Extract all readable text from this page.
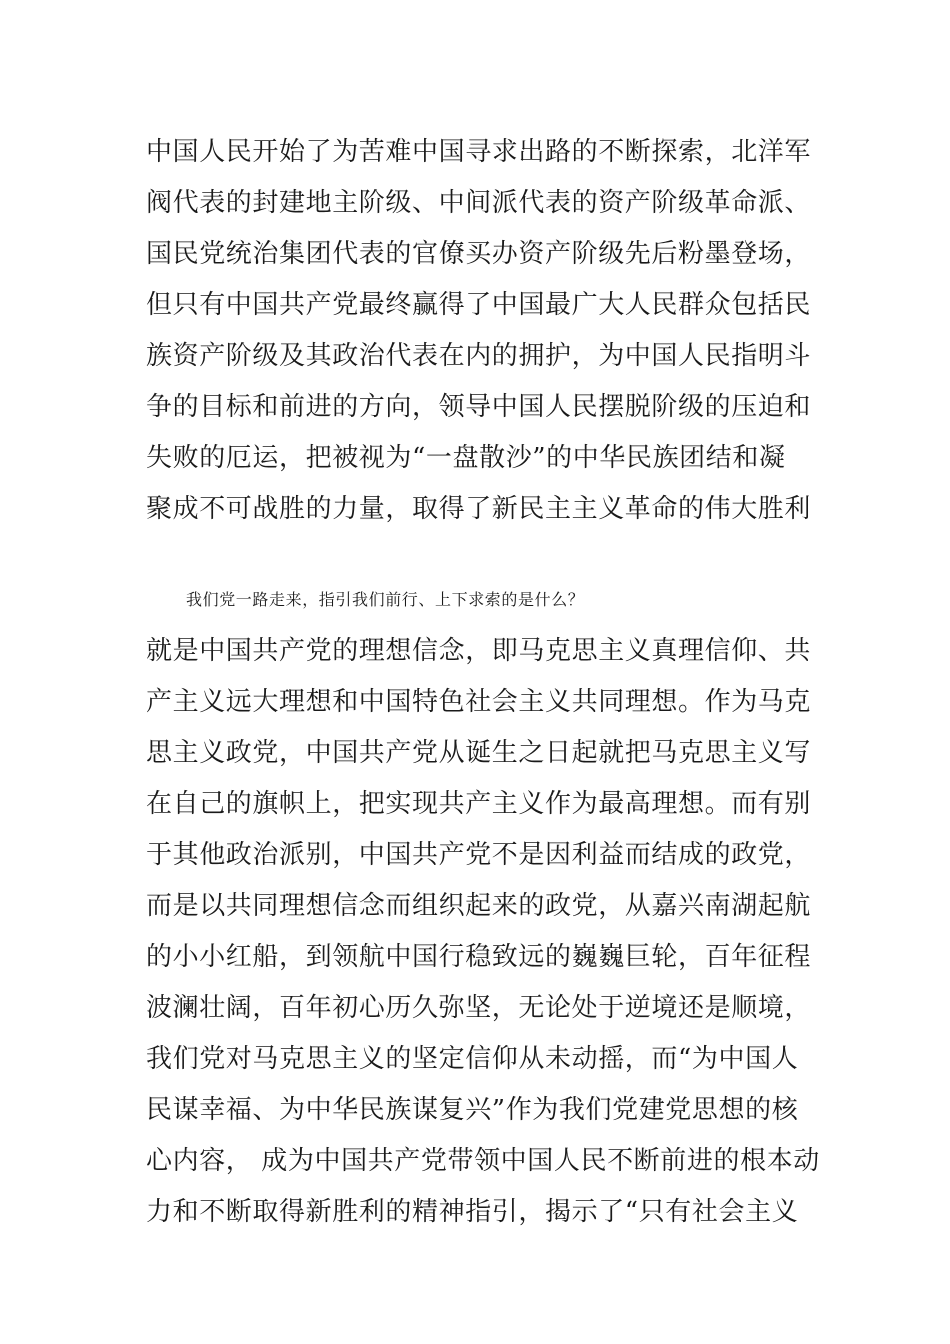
中国人民开始了为苦难中国寻求出路的不断探索，北洋军
阀代表的封建地主阶级、中间派代表的资产阶级革命派、
国民党统治集团代表的官僚买办资产阶级先后粉墨登场，
但只有中国共产党最终赢得了中国最广大人民群众包括民
族资产阶级及其政治代表在内的拥护，为中国人民指明斗
争的目标和前进的方向，领导中国人民摆脱阶级的压迫和
失败的厄运，把被视为“一盘散沙”的中华民族团结和凝
聚成不可战胜的力量，取得了新民主主义革命的伟大胜利
我们党一路走来，指引我们前行、上下求索的是什么？
就是中国共产党的理想信念，即马克思主义真理信仰、共
产主义远大理想和中国特色社会主义共同理想。作为马克
思主义政党，中国共产党从诞生之日起就把马克思主义写
在自己的旗帜上，把实现共产主义作为最高理想。而有别
于其他政治派别，中国共产党不是因利益而结成的政党，
而是以共同理想信念而组织起来的政党，从嘉兴南湖起航
的小小红船，到领航中国行稳致远的巍巍巨轮，百年征程
波澜壮阔，百年初心历久弥坚，无论处于逆境还是顺境，
我们党对马克思主义的坚定信仰从未动摇，而“为中国人
民谋幸福、为中华民族谋复兴”作为我们党建党思想的核
心内容， 成为中国共产党带领中国人民不断前进的根本动
力和不断取得新胜利的精神指引，揭示了“只有社会主义
